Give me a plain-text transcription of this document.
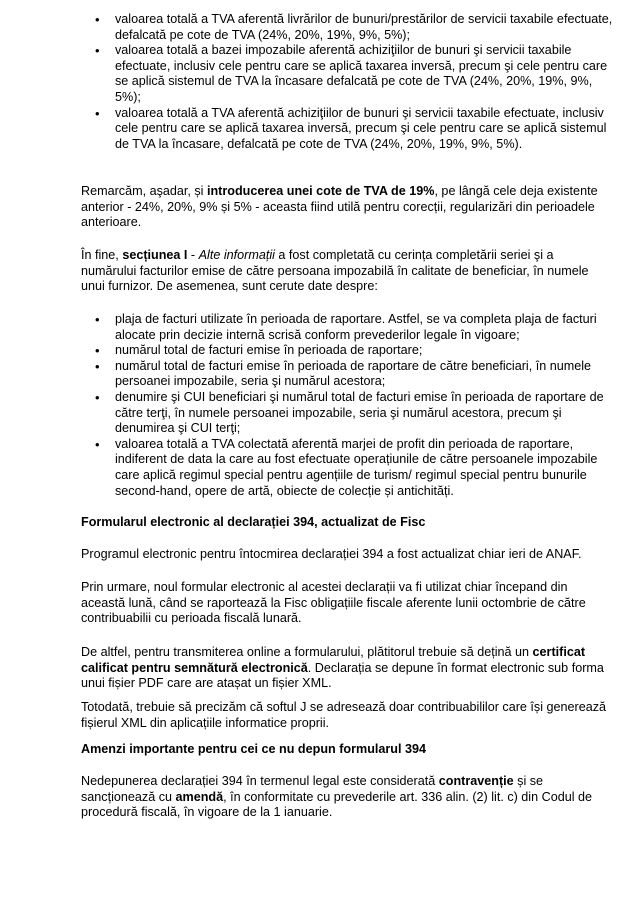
• valoarea totală a TVA aferentă livrărilor de bunuri/prestărilor de servicii taxabile efectuate, defalcată pe cote de TVA (24%, 20%, 19%, 9%, 5%);
• valoarea totală a bazei impozabile aferentă achiziţiilor de bunuri şi servicii taxabile efectuate, inclusiv cele pentru care se aplică taxarea inversă, precum şi cele pentru care se aplică sistemul de TVA la încasare defalcată pe cote de TVA (24%, 20%, 19%, 9%, 5%);
• valoarea totală a TVA aferentă achiziţiilor de bunuri şi servicii taxabile efectuate, inclusiv cele pentru care se aplică taxarea inversă, precum şi cele pentru care se aplică sistemul de TVA la încasare, defalcată pe cote de TVA (24%, 20%, 19%, 9%, 5%).

Remarcăm, aşadar, și introducerea unei cote de TVA de 19%, pe lângă cele deja existente anterior - 24%, 20%, 9% și 5% - aceasta fiind utilă pentru corecții, regularizări din perioadele anterioare.

În fine, secțiunea I - Alte informații a fost completată cu cerința completării seriei şi a numărului facturilor emise de către persoana impozabilă în calitate de beneficiar, în numele unui furnizor. De asemenea, sunt cerute date despre:

• plaja de facturi utilizate în perioada de raportare. Astfel, se va completa plaja de facturi alocate prin decizie internă scrisă conform prevederilor legale în vigoare;
• numărul total de facturi emise în perioada de raportare;
• numărul total de facturi emise în perioada de raportare de către beneficiari, în numele persoanei impozabile, seria şi numărul acestora;
• denumire şi CUI beneficiari şi numărul total de facturi emise în perioada de raportare de către terţi, în numele persoanei impozabile, seria şi numărul acestora, precum şi denumirea şi CUI terţi;
• valoarea totală a TVA colectată aferentă marjei de profit din perioada de raportare, indiferent de data la care au fost efectuate operațiunile de către persoanele impozabile care aplică regimul special pentru agențiile de turism/ regimul special pentru bunurile second-hand, opere de artă, obiecte de colecție și antichități.

Formularul electronic al declarației 394, actualizat de Fisc

Programul electronic pentru întocmirea declarației 394 a fost actualizat chiar ieri de ANAF.

Prin urmare, noul formular electronic al acestei declarații va fi utilizat chiar începand din această lună, când se raportează la Fisc obligațiile fiscale aferente lunii octombrie de către contribuabilii cu perioada fiscală lunară.

De altfel, pentru transmiterea online a formularului, plătitorul trebuie să dețină un certificat calificat pentru semnătură electronică. Declarația se depune în format electronic sub forma unui fișier PDF care are atașat un fișier XML.

Totodată, trebuie să precizăm că softul J se adresează doar contribuabililor care își generează fișierul XML din aplicațiile informatice proprii.

Amenzi importante pentru cei ce nu depun formularul 394

Nedepunerea declarației 394 în termenul legal este considerată contravenție și se sancționează cu amendă, în conformitate cu prevederile art. 336 alin. (2) lit. c) din Codul de procedură fiscală, în vigoare de la 1 ianuarie.
